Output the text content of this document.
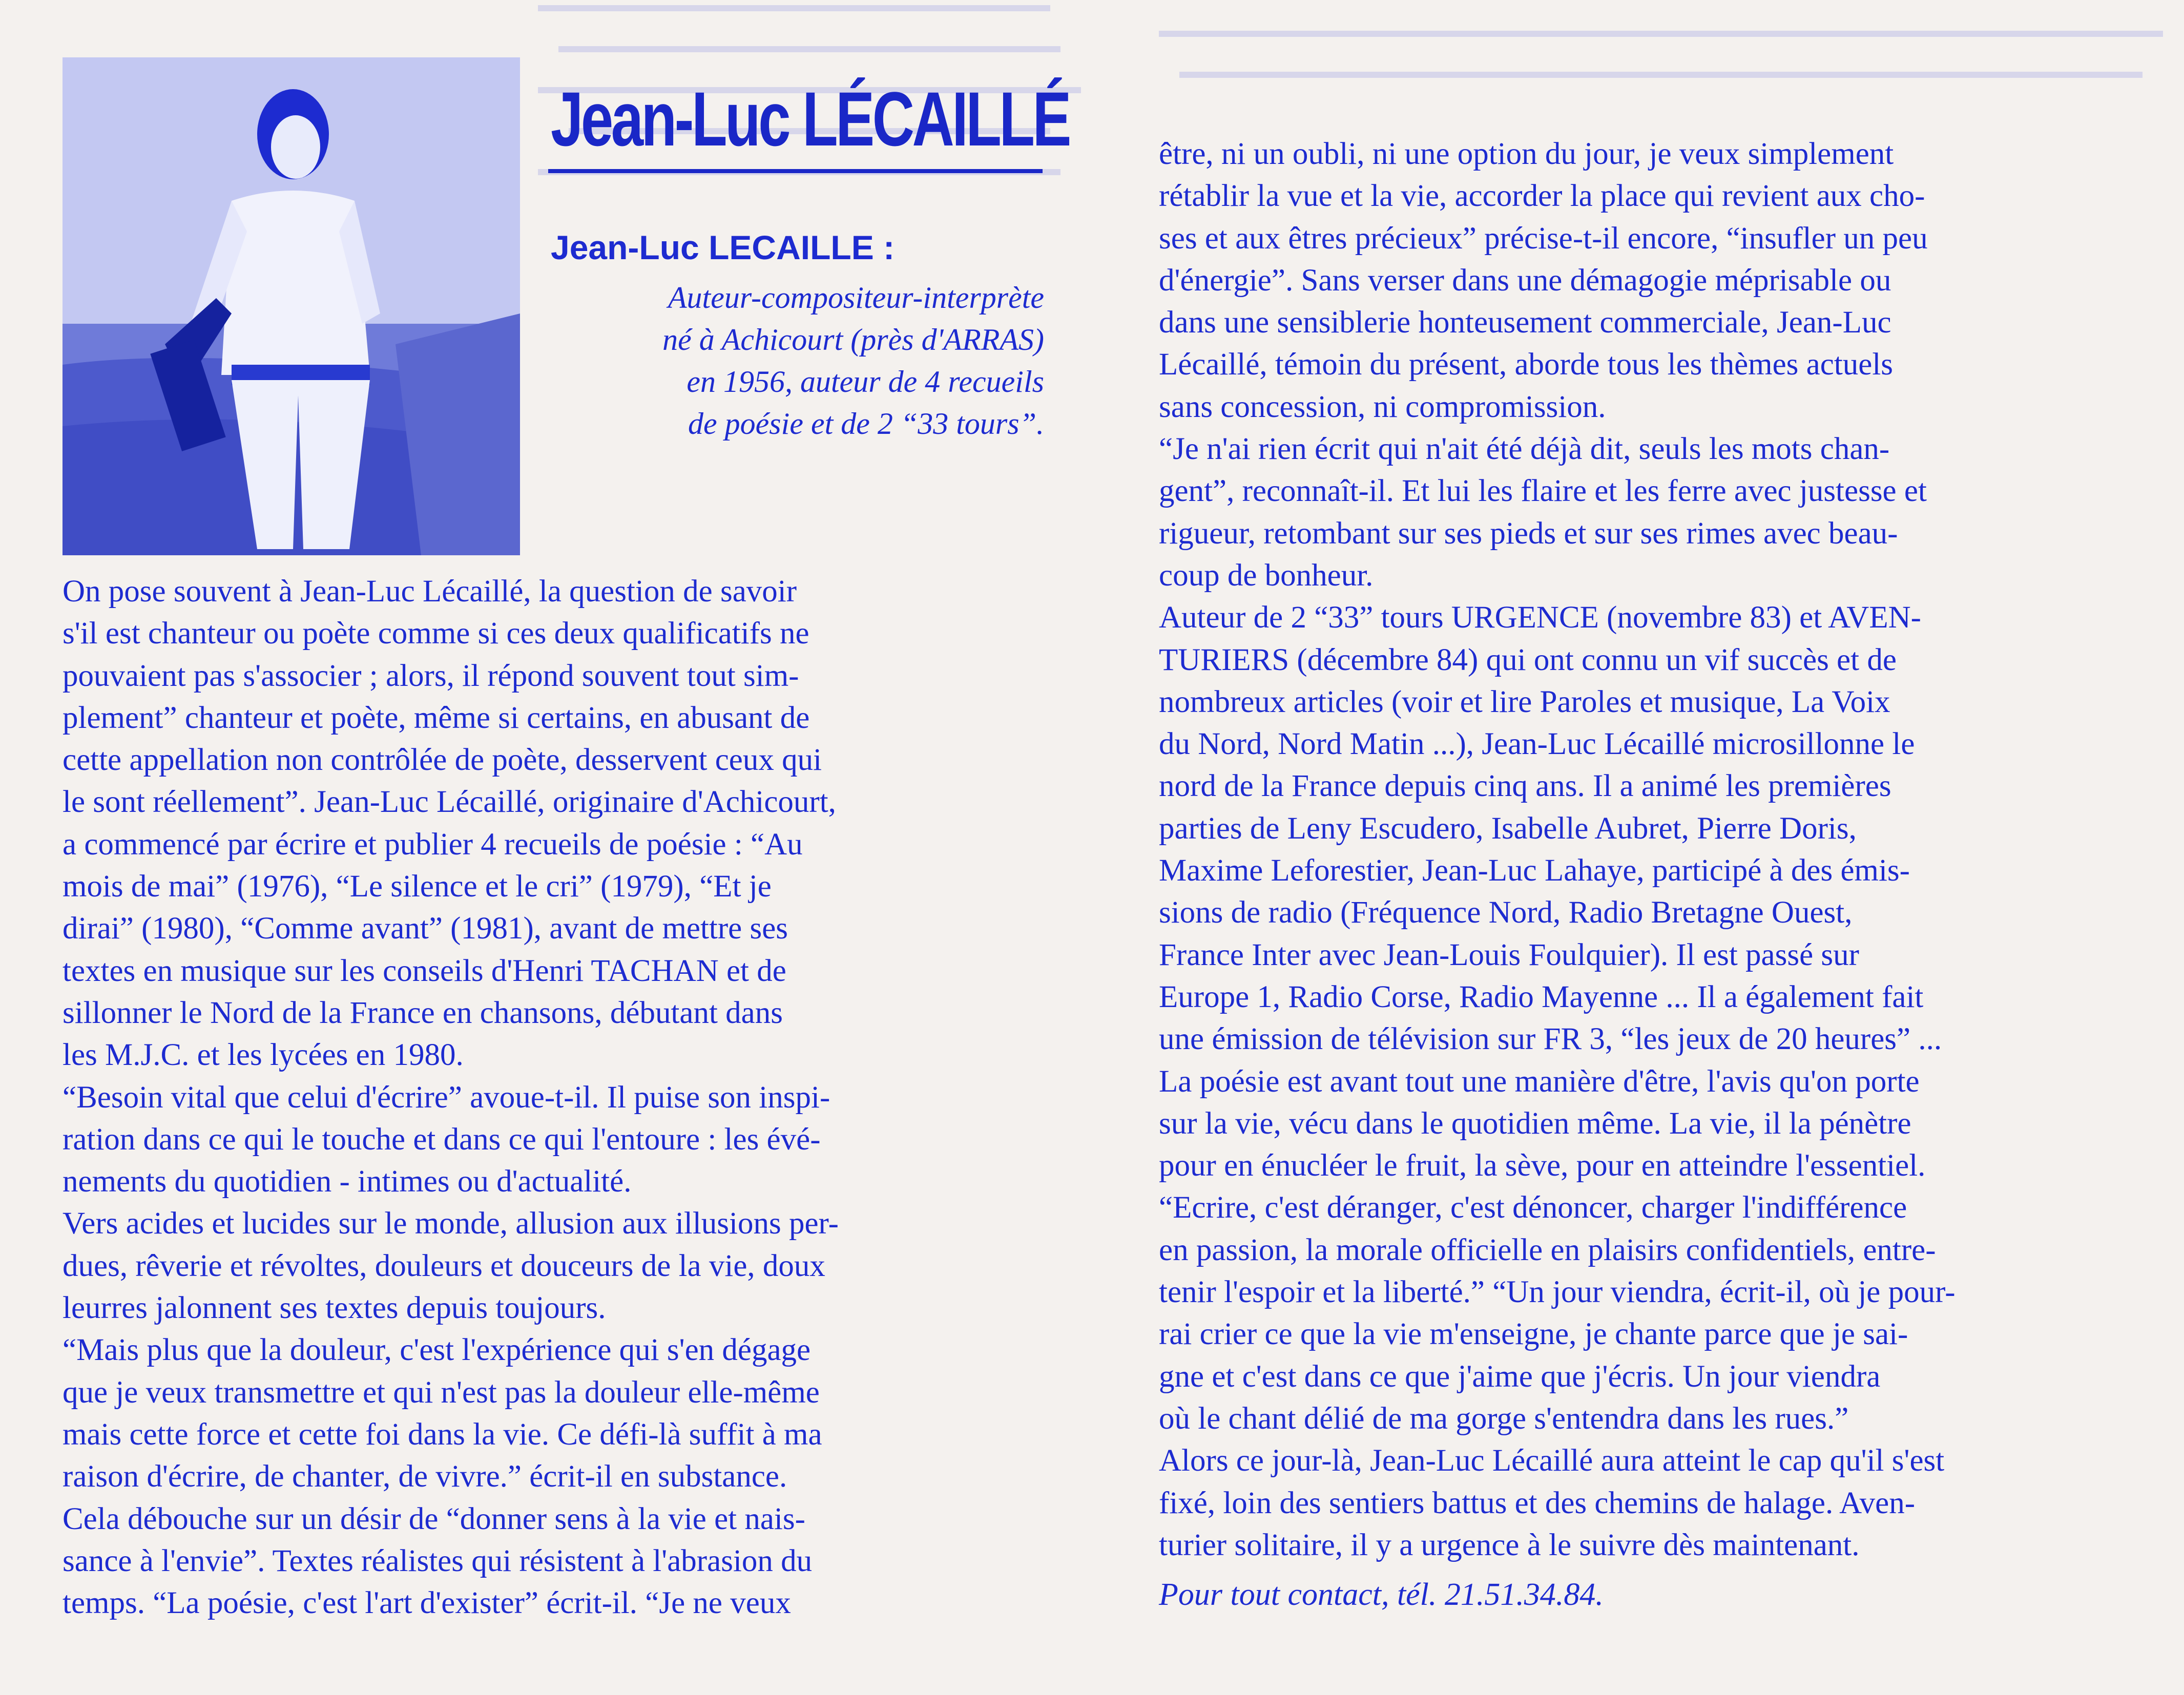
Jean-Luc LÉCAILLÉ
Jean-Luc LECAILLE :
Auteur-compositeur-interprète
né à Achicourt (près d'ARRAS)
en 1956, auteur de 4 recueils
de poésie et de 2 “33 tours”.
On pose souvent à Jean-Luc Lécaillé, la question de savoir
s'il est chanteur ou poète comme si ces deux qualificatifs ne
pouvaient pas s'associer ; alors, il répond souvent tout sim-
plement” chanteur et poète, même si certains, en abusant de
cette appellation non contrôlée de poète, desservent ceux qui
le sont réellement”. Jean-Luc Lécaillé, originaire d'Achicourt,
a commencé par écrire et publier 4 recueils de poésie : “Au
mois de mai” (1976), “Le silence et le cri” (1979), “Et je
dirai” (1980), “Comme avant” (1981), avant de mettre ses
textes en musique sur les conseils d'Henri TACHAN et de
sillonner le Nord de la France en chansons, débutant dans
les M.J.C. et les lycées en 1980.
“Besoin vital que celui d'écrire” avoue-t-il. Il puise son inspi-
ration dans ce qui le touche et dans ce qui l'entoure : les évé-
nements du quotidien - intimes ou d'actualité.
Vers acides et lucides sur le monde, allusion aux illusions per-
dues, rêverie et révoltes, douleurs et douceurs de la vie, doux
leurres jalonnent ses textes depuis toujours.
“Mais plus que la douleur, c'est l'expérience qui s'en dégage
que je veux transmettre et qui n'est pas la douleur elle-même
mais cette force et cette foi dans la vie. Ce défi-là suffit à ma
raison d'écrire, de chanter, de vivre.” écrit-il en substance.
Cela débouche sur un désir de “donner sens à la vie et nais-
sance à l'envie”. Textes réalistes qui résistent à l'abrasion du
temps. “La poésie, c'est l'art d'exister” écrit-il. “Je ne veux
être, ni un oubli, ni une option du jour, je veux simplement
rétablir la vue et la vie, accorder la place qui revient aux cho-
ses et aux êtres précieux” précise-t-il encore, “insufler un peu
d'énergie”. Sans verser dans une démagogie méprisable ou
dans une sensiblerie honteusement commerciale, Jean-Luc
Lécaillé, témoin du présent, aborde tous les thèmes actuels
sans concession, ni compromission.
“Je n'ai rien écrit qui n'ait été déjà dit, seuls les mots chan-
gent”, reconnaît-il. Et lui les flaire et les ferre avec justesse et
rigueur, retombant sur ses pieds et sur ses rimes avec beau-
coup de bonheur.
Auteur de 2 “33” tours URGENCE (novembre 83) et AVEN-
TURIERS (décembre 84) qui ont connu un vif succès et de
nombreux articles (voir et lire Paroles et musique, La Voix
du Nord, Nord Matin ...), Jean-Luc Lécaillé microsillonne le
nord de la France depuis cinq ans. Il a animé les premières
parties de Leny Escudero, Isabelle Aubret, Pierre Doris,
Maxime Leforestier, Jean-Luc Lahaye, participé à des émis-
sions de radio (Fréquence Nord, Radio Bretagne Ouest,
France Inter avec Jean-Louis Foulquier). Il est passé sur
Europe 1, Radio Corse, Radio Mayenne ... Il a également fait
une émission de télévision sur FR 3, “les jeux de 20 heures” ...
La poésie est avant tout une manière d'être, l'avis qu'on porte
sur la vie, vécu dans le quotidien même. La vie, il la pénètre
pour en énucléer le fruit, la sève, pour en atteindre l'essentiel.
“Ecrire, c'est déranger, c'est dénoncer, charger l'indifférence
en passion, la morale officielle en plaisirs confidentiels, entre-
tenir l'espoir et la liberté.” “Un jour viendra, écrit-il, où je pour-
rai crier ce que la vie m'enseigne, je chante parce que je sai-
gne et c'est dans ce que j'aime que j'écris. Un jour viendra
où le chant délié de ma gorge s'entendra dans les rues.”
Alors ce jour-là, Jean-Luc Lécaillé aura atteint le cap qu'il s'est
fixé, loin des sentiers battus et des chemins de halage. Aven-
turier solitaire, il y a urgence à le suivre dès maintenant.
Pour tout contact, tél. 21.51.34.84.
